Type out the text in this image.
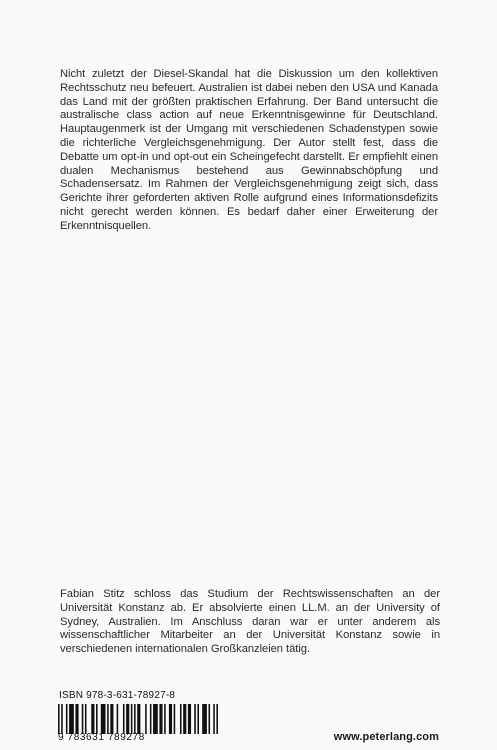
Nicht zuletzt der Diesel-Skandal hat die Diskussion um den kollektiven Rechtsschutz neu befeuert. Australien ist dabei neben den USA und Kanada das Land mit der größten praktischen Erfahrung. Der Band untersucht die australische class action auf neue Erkenntnisgewinne für Deutschland. Hauptaugenmerk ist der Umgang mit verschiedenen Schadenstypen sowie die richterliche Vergleichsgenehmigung. Der Autor stellt fest, dass die Debatte um opt-in und opt-out ein Scheingefecht darstellt. Er empfiehlt einen dualen Mechanismus bestehend aus Gewinnabschöpfung und Schadensersatz. Im Rahmen der Vergleichsgenehmigung zeigt sich, dass Gerichte ihrer geforderten aktiven Rolle aufgrund eines Informationsdefizits nicht gerecht werden können. Es bedarf daher einer Erweiterung der Erkenntnisquellen.

Fabian Stitz schloss das Studium der Rechtswissenschaften an der Universität Konstanz ab. Er absolvierte einen LL.M. an der University of Sydney, Australien. Im Anschluss daran war er unter anderem als wissenschaftlicher Mitarbeiter an der Universität Konstanz sowie in verschiedenen internationalen Großkanzleien tätig.

ISBN 978-3-631-78927-8
9 783631 789278	www.peterlang.com
